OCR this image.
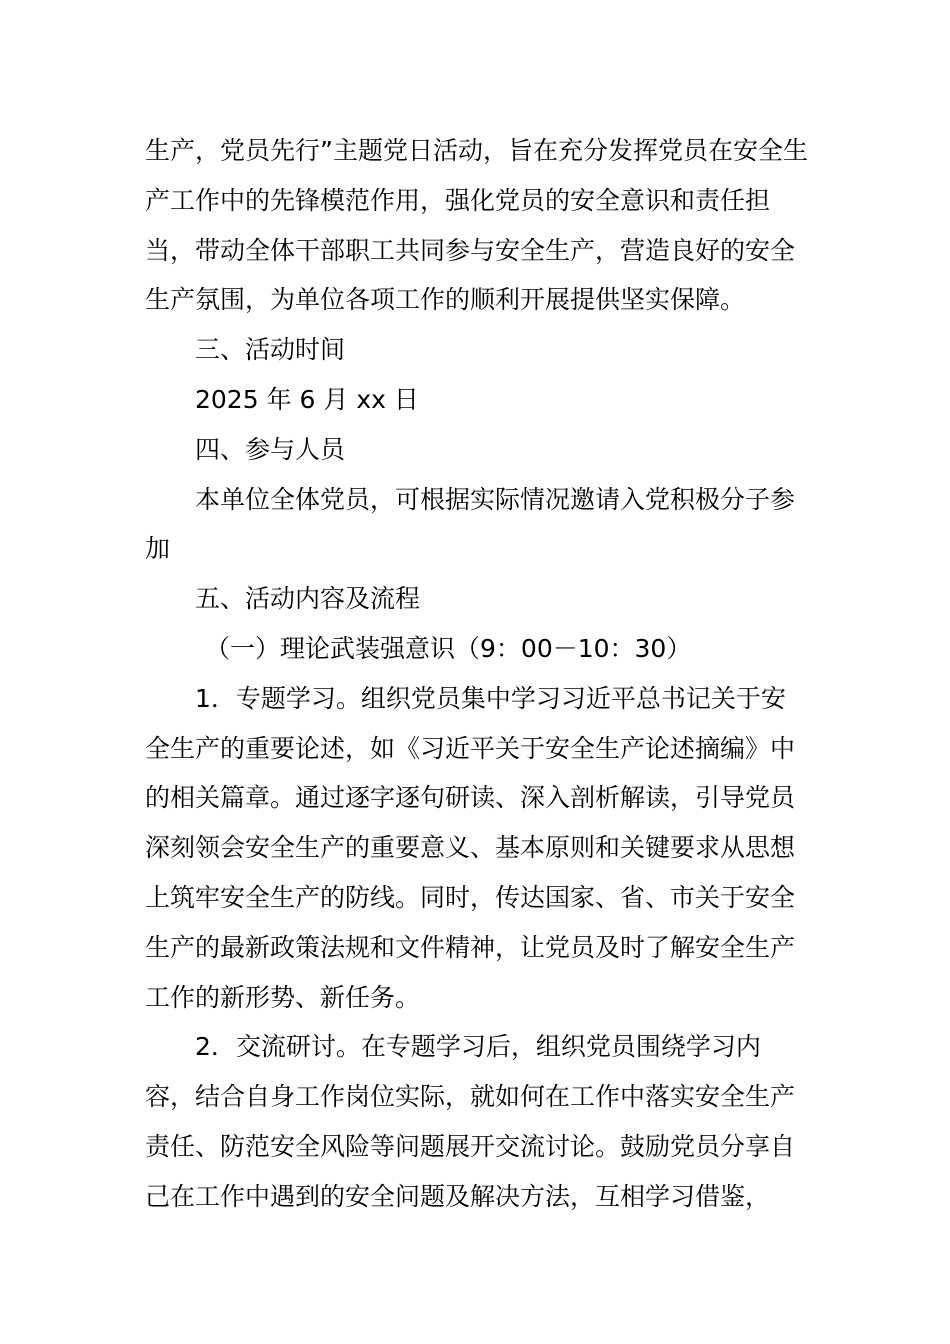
生产，党员先行”主题党日活动，旨在充分发挥党员在安全生产工作中的先锋模范作用，强化党员的安全意识和责任担当，带动全体干部职工共同参与安全生产，营造良好的安全生产氛围，为单位各项工作的顺利开展提供坚实保障。

三、活动时间

2025 年 6 月 xx 日

四、参与人员

本单位全体党员，可根据实际情况邀请入党积极分子参加

五、活动内容及流程

（一）理论武装强意识（9：00－10：30）

1．专题学习。组织党员集中学习习近平总书记关于安全生产的重要论述，如《习近平关于安全生产论述摘编》中的相关篇章。通过逐字逐句研读、深入剖析解读，引导党员深刻领会安全生产的重要意义、基本原则和关键要求从思想上筑牢安全生产的防线。同时，传达国家、省、市关于安全生产的最新政策法规和文件精神，让党员及时了解安全生产工作的新形势、新任务。

2．交流研讨。在专题学习后，组织党员围绕学习内容，结合自身工作岗位实际，就如何在工作中落实安全生产责任、防范安全风险等问题展开交流讨论。鼓励党员分享自己在工作中遇到的安全问题及解决方法，互相学习借鉴，
